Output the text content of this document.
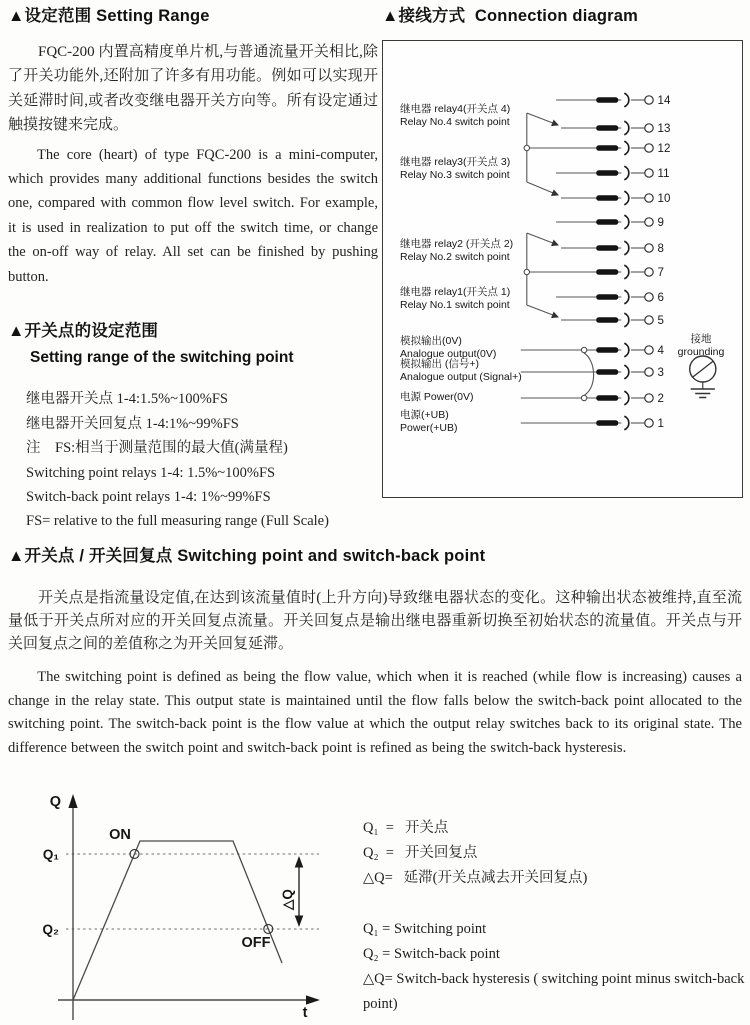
▲设定范围 Setting Range

FQC-200 内置高精度单片机,与普通流量开关相比,除了开关功能外,还附加了许多有用功能。例如可以实现开关延滞时间,或者改变继电器开关方向等。所有设定通过触摸按键来完成。

The core (heart) of type FQC-200 is a mini-computer, which provides many additional functions besides the switch one, compared with common flow level switch. For example, it is used in realization to put off the switch time, or change the on-off way of relay. All set can be finished by pushing button.

▲开关点的设定范围
Setting range of the switching point
继电器开关点 1-4:1.5%~100%FS
继电器开关回复点 1-4:1%~99%FS
注　FS:相当于测量范围的最大值(满量程)
Switching point relays 1-4: 1.5%~100%FS
Switch-back point relays 1-4: 1%~99%FS
FS= relative to the full measuring range (Full Scale)
▲接线方式  Connection diagram
14
13
12
11
10
9
8
7
6
5
4
3
2
1
继电器 relay4(开关点 4)
Relay No.4 switch point
继电器 relay3(开关点 3)
Relay No.3 switch point
继电器 relay2 (开关点 2)
Relay No.2 switch point
继电器 relay1(开关点 1)
Relay No.1 switch point
模拟输出(0V)
Analogue output(0V)
模拟输出 (信号+)
Analogue output (Signal+)
电源 Power(0V)
电源(+UB)
Power(+UB)
接地
grounding
▲开关点 / 开关回复点 Switching point and switch-back point

开关点是指流量设定值,在达到该流量值时(上升方向)导致继电器状态的变化。这种输出状态被维持,直至流量低于开关点所对应的开关回复点流量。开关回复点是输出继电器重新切换至初始状态的流量值。开关点与开关回复点之间的差值称之为开关回复延滞。

The switching point is defined as being the flow value, which when it is reached (while flow is increasing) causes a change in the relay state. This output state is maintained until the flow falls below the switch-back point allocated to the switching point. The switch-back point is the flow value at which the output relay switches back to its original state. The difference between the switch point and switch-back point is refined as being the switch-back hysteresis.

Q
t
Q₁
Q₂
ON
OFF
△Q
Q₁  =   开关点
Q₂  =   开关回复点
△Q=   延滞(开关点减去开关回复点)
Q₁ = Switching point
Q₂ = Switch-back point
△Q= Switch-back hysteresis ( switching point minus switch-back point)
